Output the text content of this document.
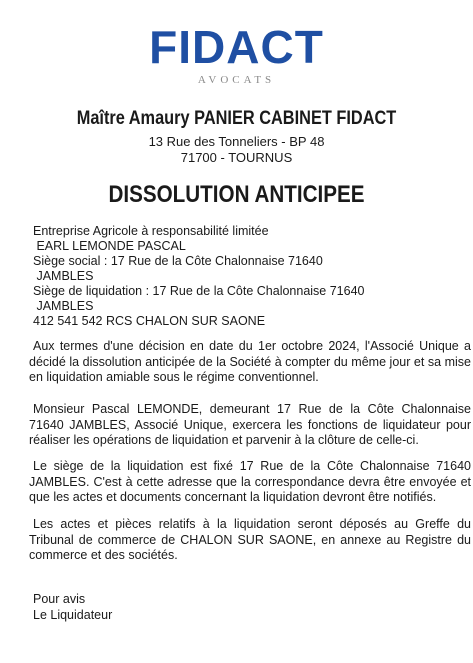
FIDACT
AVOCATS
Maître Amaury PANIER CABINET FIDACT
13 Rue des Tonneliers - BP 48
71700 - TOURNUS
DISSOLUTION ANTICIPEE
Entreprise Agricole à responsabilité limitée
EARL LEMONDE PASCAL
Siège social : 17 Rue de la Côte Chalonnaise 71640
JAMBLES
Siège de liquidation : 17 Rue de la Côte Chalonnaise 71640
JAMBLES
412 541 542 RCS CHALON SUR SAONE

Aux termes d'une décision en date du 1er octobre 2024, l'Associé Unique a décidé la dissolution anticipée de la Société à compter du même jour et sa mise en liquidation amiable sous le régime conventionnel.

Monsieur Pascal LEMONDE, demeurant 17 Rue de la Côte Chalonnaise 71640 JAMBLES, Associé Unique, exercera les fonctions de liquidateur pour réaliser les opérations de liquidation et parvenir à la clôture de celle-ci.

Le siège de la liquidation est fixé 17 Rue de la Côte Chalonnaise 71640 JAMBLES. C'est à cette adresse que la correspondance devra être envoyée et que les actes et documents concernant la liquidation devront être notifiés.

Les actes et pièces relatifs à la liquidation seront déposés au Greffe du Tribunal de commerce de CHALON SUR SAONE, en annexe au Registre du commerce et des sociétés.

Pour avis
Le Liquidateur
